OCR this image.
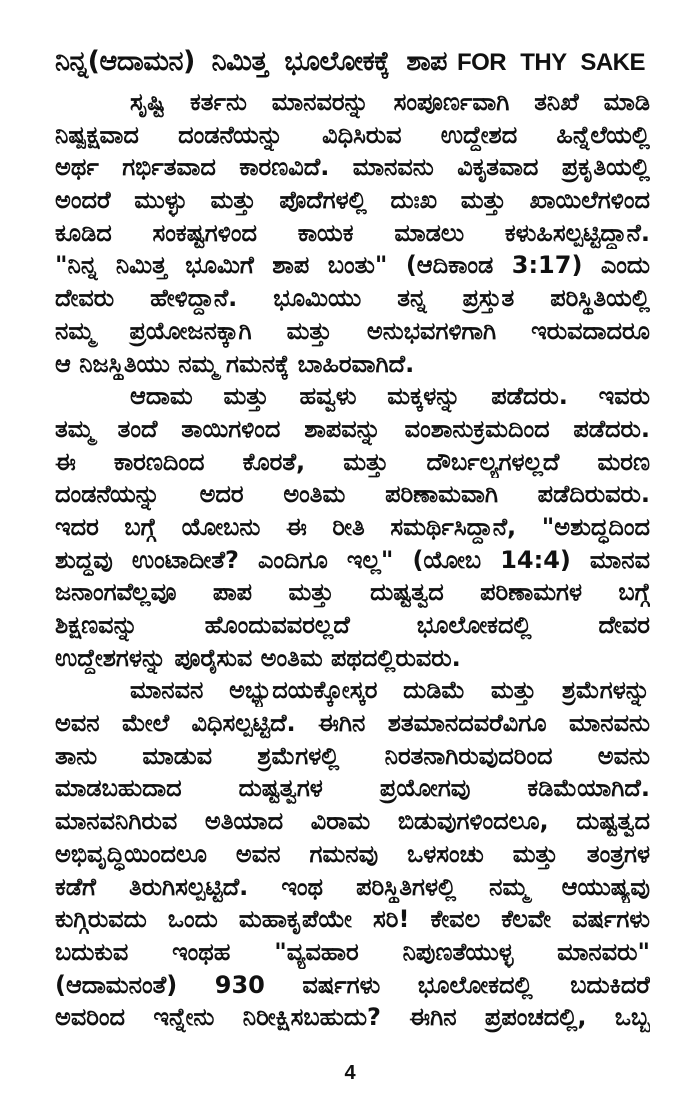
ನಿನ್ನ(ಆದಾಮನ) ನಿಮಿತ್ತ ಭೂಲೋಕಕ್ಕೆ ಶಾಪ FOR THY SAKE
ಸೃಷ್ಟಿ ಕರ್ತನು ಮಾನವರನ್ನು ಸಂಪೂರ್ಣವಾಗಿ ತನಿಖೆ ಮಾಡಿ
ನಿಷ್ಪಕ್ಷವಾದ ದಂಡನೆಯನ್ನು ವಿಧಿಸಿರುವ ಉದ್ದೇಶದ ಹಿನ್ನೆಲೆಯಲ್ಲಿ
ಅರ್ಥ ಗರ್ಭಿತವಾದ ಕಾರಣವಿದೆ. ಮಾನವನು ವಿಕೃತವಾದ ಪ್ರಕೃತಿಯಲ್ಲಿ
ಅಂದರೆ ಮುಳ್ಳು ಮತ್ತು ಪೊದೆಗಳಲ್ಲಿ ದುಃಖ ಮತ್ತು ಖಾಯಿಲೆಗಳಿಂದ
ಕೂಡಿದ ಸಂಕಷ್ಟಗಳಿಂದ ಕಾಯಕ ಮಾಡಲು ಕಳುಹಿಸಲ್ಪಟ್ಟಿದ್ದಾನೆ.
"ನಿನ್ನ ನಿಮಿತ್ತ ಭೂಮಿಗೆ ಶಾಪ ಬಂತು" (ಆದಿಕಾಂಡ 3:17) ಎಂದು
ದೇವರು ಹೇಳಿದ್ದಾನೆ. ಭೂಮಿಯು ತನ್ನ ಪ್ರಸ್ತುತ ಪರಿಸ್ಥಿತಿಯಲ್ಲಿ
ನಮ್ಮ ಪ್ರಯೋಜನಕ್ಕಾಗಿ ಮತ್ತು ಅನುಭವಗಳಿಗಾಗಿ ಇರುವದಾದರೂ
ಆ ನಿಜಸ್ಥಿತಿಯು ನಮ್ಮ ಗಮನಕ್ಕೆ ಬಾಹಿರವಾಗಿದೆ.
ಆದಾಮ ಮತ್ತು ಹವ್ವಳು ಮಕ್ಕಳನ್ನು ಪಡೆದರು. ಇವರು
ತಮ್ಮ ತಂದೆ ತಾಯಿಗಳಿಂದ ಶಾಪವನ್ನು ವಂಶಾನುಕ್ರಮದಿಂದ ಪಡೆದರು.
ಈ ಕಾರಣದಿಂದ ಕೊರತೆ, ಮತ್ತು ದೌರ್ಬಲ್ಯಗಳಲ್ಲದೆ ಮರಣ
ದಂಡನೆಯನ್ನು ಅದರ ಅಂತಿಮ ಪರಿಣಾಮವಾಗಿ ಪಡೆದಿರುವರು.
ಇದರ ಬಗ್ಗೆ ಯೋಬನು ಈ ರೀತಿ ಸಮರ್ಥಿಸಿದ್ದಾನೆ, "ಅಶುದ್ಧದಿಂದ
ಶುದ್ಧವು ಉಂಟಾದೀತೆ? ಎಂದಿಗೂ ಇಲ್ಲ" (ಯೋಬ 14:4) ಮಾನವ
ಜನಾಂಗವೆಲ್ಲವೂ ಪಾಪ ಮತ್ತು ದುಷ್ಟತ್ವದ ಪರಿಣಾಮಗಳ ಬಗ್ಗೆ
ಶಿಕ್ಷಣವನ್ನು ಹೊಂದುವವರಲ್ಲದೆ ಭೂಲೋಕದಲ್ಲಿ ದೇವರ
ಉದ್ದೇಶಗಳನ್ನು ಪೂರೈಸುವ ಅಂತಿಮ ಪಥದಲ್ಲಿರುವರು.
ಮಾನವನ ಅಭ್ಯುದಯಕ್ಕೋಸ್ಕರ ದುಡಿಮೆ ಮತ್ತು ಶ್ರಮೆಗಳನ್ನು
ಅವನ ಮೇಲೆ ವಿಧಿಸಲ್ಪಟ್ಟಿದೆ. ಈಗಿನ ಶತಮಾನದವರೆವಿಗೂ ಮಾನವನು
ತಾನು ಮಾಡುವ ಶ್ರಮೆಗಳಲ್ಲಿ ನಿರತನಾಗಿರುವುದರಿಂದ ಅವನು
ಮಾಡಬಹುದಾದ ದುಷ್ಟತ್ವಗಳ ಪ್ರಯೋಗವು ಕಡಿಮೆಯಾಗಿದೆ.
ಮಾನವನಿಗಿರುವ ಅತಿಯಾದ ವಿರಾಮ ಬಿಡುವುಗಳಿಂದಲೂ, ದುಷ್ಟತ್ವದ
ಅಭಿವೃದ್ಧಿಯಿಂದಲೂ ಅವನ ಗಮನವು ಒಳಸಂಚು ಮತ್ತು ತಂತ್ರಗಳ
ಕಡೆಗೆ ತಿರುಗಿಸಲ್ಪಟ್ಟಿದೆ. ಇಂಥ ಪರಿಸ್ಥಿತಿಗಳಲ್ಲಿ ನಮ್ಮ ಆಯುಷ್ಯವು
ಕುಗ್ಗಿರುವದು ಒಂದು ಮಹಾಕೃಪೆಯೇ ಸರಿ! ಕೇವಲ ಕೆಲವೇ ವರ್ಷಗಳು
ಬದುಕುವ ಇಂಥಹ "ವ್ಯವಹಾರ ನಿಪುಣತೆಯುಳ್ಳ ಮಾನವರು"
(ಆದಾಮನಂತೆ) 930 ವರ್ಷಗಳು ಭೂಲೋಕದಲ್ಲಿ ಬದುಕಿದರೆ
ಅವರಿಂದ ಇನ್ನೇನು ನಿರೀಕ್ಷಿಸಬಹುದು? ಈಗಿನ ಪ್ರಪಂಚದಲ್ಲಿ, ಒಬ್ಬ
4
